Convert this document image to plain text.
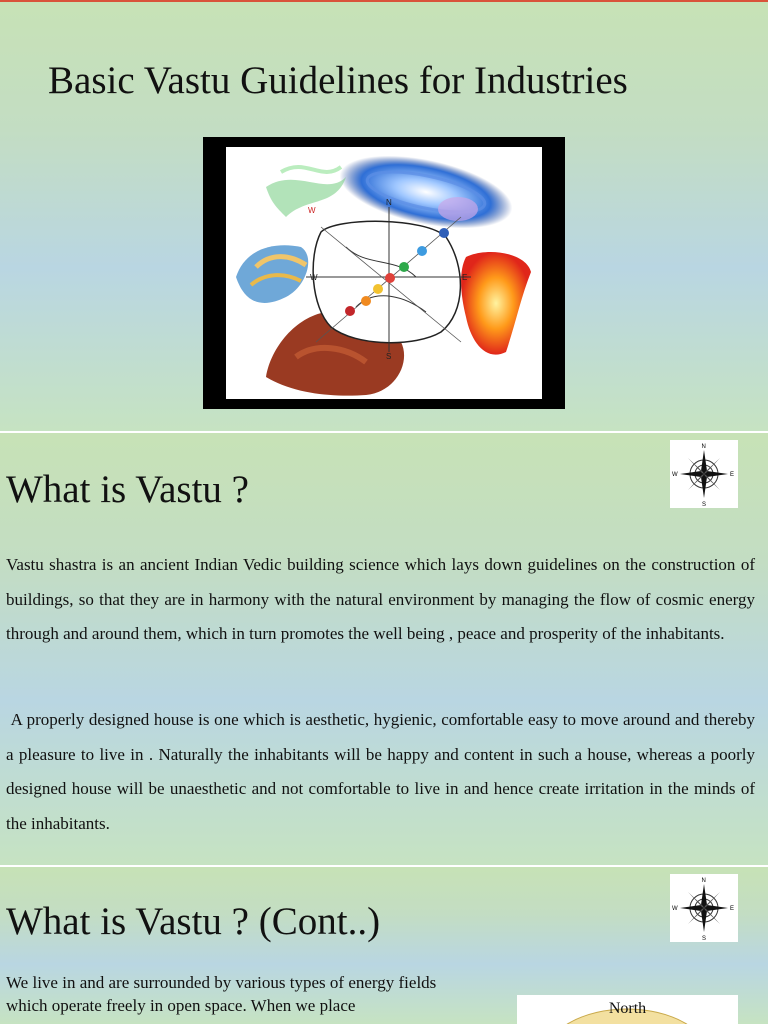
Basic Vastu Guidelines for Industries
W
N
E
W
S
What is Vastu ?
N
S
E
W

Vastu shastra is an ancient Indian Vedic building science which lays down guidelines on the construction of buildings, so that they are in harmony with the natural environment by managing the flow of cosmic energy through and around them, which in turn promotes the well being , peace and prosperity of the inhabitants.

A properly designed house is one which is aesthetic, hygienic, comfortable easy to move around and thereby a pleasure to live in . Naturally the inhabitants will be happy and content in such a house, whereas a poorly designed house will be unaesthetic and not comfortable to live in and hence create irritation in the minds of the inhabitants.

What is Vastu ? (Cont..)
N
S
E
W

We live in and are surrounded by various types of energy fields which operate freely in open space. When we place	North
